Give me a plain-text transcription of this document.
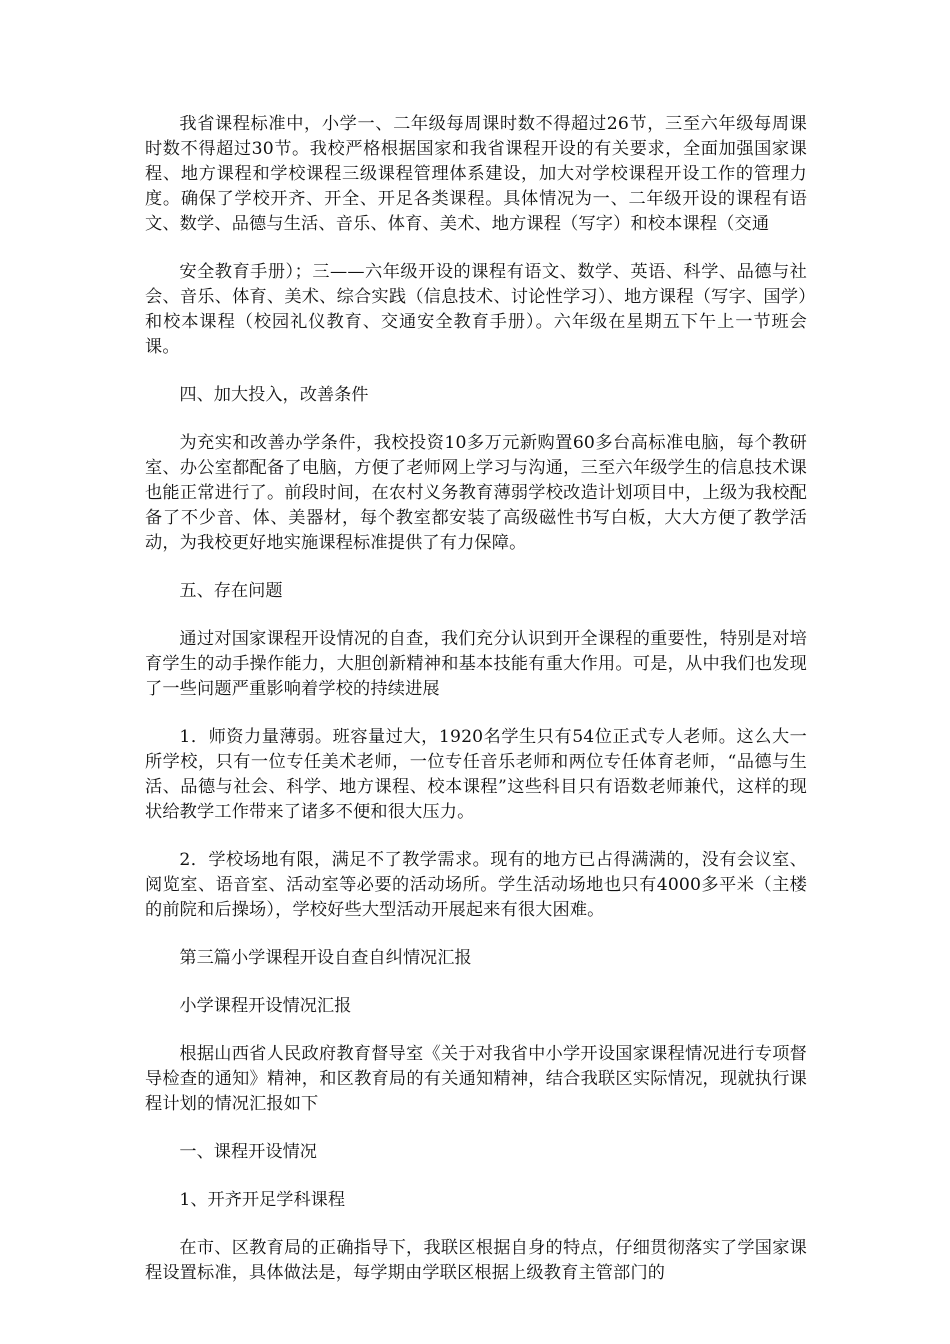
我省课程标准中，小学一、二年级每周课时数不得超过26节，三至六年级每周课时数不得超过30节。我校严格根据国家和我省课程开设的有关要求，全面加强国家课程、地方课程和学校课程三级课程管理体系建设，加大对学校课程开设工作的管理力度。确保了学校开齐、开全、开足各类课程。具体情况为一、二年级开设的课程有语文、数学、品德与生活、音乐、体育、美术、地方课程（写字）和校本课程（交通

安全教育手册）；三——六年级开设的课程有语文、数学、英语、科学、品德与社会、音乐、体育、美术、综合实践（信息技术、讨论性学习）、地方课程（写字、国学）和校本课程（校园礼仪教育、交通安全教育手册）。六年级在星期五下午上一节班会课。

四、加大投入，改善条件

为充实和改善办学条件，我校投资10多万元新购置60多台高标准电脑，每个教研室、办公室都配备了电脑，方便了老师网上学习与沟通，三至六年级学生的信息技术课也能正常进行了。前段时间，在农村义务教育薄弱学校改造计划项目中，上级为我校配备了不少音、体、美器材，每个教室都安装了高级磁性书写白板，大大方便了教学活动，为我校更好地实施课程标准提供了有力保障。

五、存在问题

通过对国家课程开设情况的自查，我们充分认识到开全课程的重要性，特别是对培育学生的动手操作能力，大胆创新精神和基本技能有重大作用。可是，从中我们也发现了一些问题严重影响着学校的持续进展

1．师资力量薄弱。班容量过大，1920名学生只有54位正式专人老师。这么大一所学校，只有一位专任美术老师，一位专任音乐老师和两位专任体育老师，“品德与生活、品德与社会、科学、地方课程、校本课程”这些科目只有语数老师兼代，这样的现状给教学工作带来了诸多不便和很大压力。

2．学校场地有限，满足不了教学需求。现有的地方已占得满满的，没有会议室、阅览室、语音室、活动室等必要的活动场所。学生活动场地也只有4000多平米（主楼的前院和后操场），学校好些大型活动开展起来有很大困难。

第三篇小学课程开设自查自纠情况汇报

小学课程开设情况汇报

根据山西省人民政府教育督导室《关于对我省中小学开设国家课程情况进行专项督导检查的通知》精神，和区教育局的有关通知精神，结合我联区实际情况，现就执行课程计划的情况汇报如下

一、课程开设情况

1、开齐开足学科课程

在市、区教育局的正确指导下，我联区根据自身的特点，仔细贯彻落实了学国家课程设置标准，具体做法是，每学期由学联区根据上级教育主管部门的
